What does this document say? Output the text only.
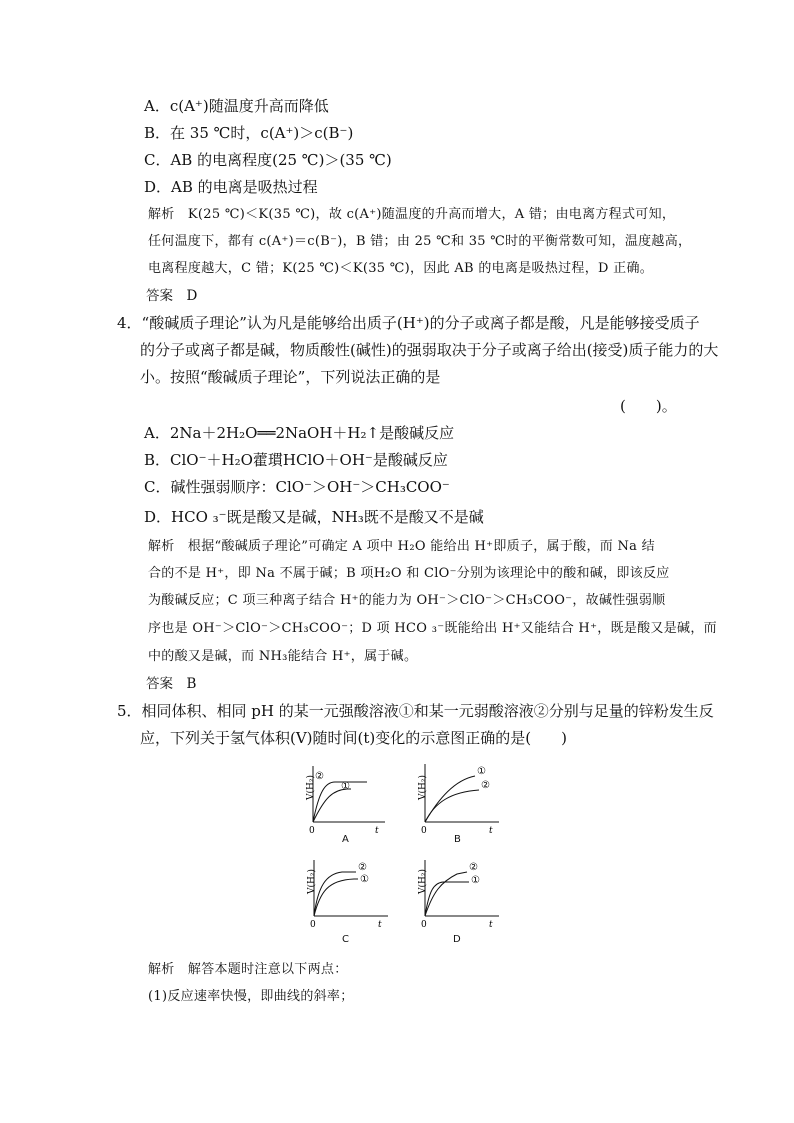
A．c(A⁺)随温度升高而降低
B．在 35 ℃时，c(A⁺)＞c(B⁻)
C．AB 的电离程度(25 ℃)＞(35 ℃)
D．AB 的电离是吸热过程
解析　K(25 ℃)＜K(35 ℃)，故 c(A⁺)随温度的升高而增大，A 错；由电离方程式可知，
任何温度下，都有 c(A⁺)＝c(B⁻)，B 错；由 25 ℃和 35 ℃时的平衡常数可知，温度越高，
电离程度越大，C 错；K(25 ℃)＜K(35 ℃)，因此 AB 的电离是吸热过程，D 正确。
答案　D
4．“酸碱质子理论”认为凡是能够给出质子(H⁺)的分子或离子都是酸，凡是能够接受质子
的分子或离子都是碱，物质酸性(碱性)的强弱取决于分子或离子给出(接受)质子能力的大
小。按照“酸碱质子理论”，下列说法正确的是
(　　)。
A．2Na＋2H₂O══2NaOH＋H₂↑是酸碱反应
B．ClO⁻＋H₂O藿瑻HClO＋OH⁻是酸碱反应
C．碱性强弱顺序：ClO⁻＞OH⁻＞CH₃COO⁻
D．HCO ₃⁻既是酸又是碱，NH₃既不是酸又不是碱
解析　根据“酸碱质子理论”可确定 A 项中 H₂O 能给出 H⁺即质子，属于酸，而 Na 结
合的不是 H⁺，即 Na 不属于碱；B 项H₂O 和 ClO⁻分别为该理论中的酸和碱，即该反应
为酸碱反应；C 项三种离子结合 H⁺的能力为 OH⁻＞ClO⁻＞CH₃COO⁻，故碱性强弱顺
序也是 OH⁻＞ClO⁻＞CH₃COO⁻；D 项 HCO ₃⁻既能给出 H⁺又能结合 H⁺，既是酸又是碱，而
中的酸又是碱，而 NH₃能结合 H⁺，属于碱。
答案　B
5．相同体积、相同 pH 的某一元强酸溶液①和某一元弱酸溶液②分别与足量的锌粉发生反
应，下列关于氢气体积(V)随时间(t)变化的示意图正确的是(　　)
V(H₂)
0	t
②
①
A
V(H₂)
0	t
①
②
B
V(H₂)
0	t
②
①
C
V(H₂)
0	t
②
①
D
解析　解答本题时注意以下两点：
(1)反应速率快慢，即曲线的斜率；
